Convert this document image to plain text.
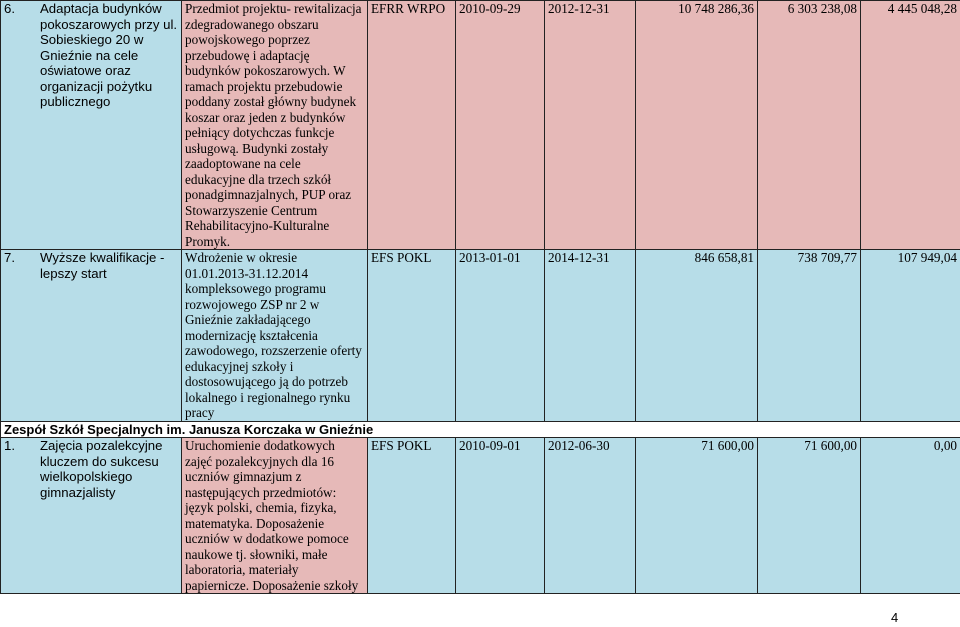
6. Adaptacja budynków pokoszarowych przy ul. Sobieskiego 20 w Gnieźnie na cele oświatowe oraz organizacji pożytku publicznego	Przedmiot projektu- rewitalizacja zdegradowanego obszaru powojskowego poprzez przebudowę i adaptację budynków pokoszarowych. W ramach projektu przebudowie poddany został główny budynek koszar oraz jeden z budynków pełniący dotychczas funkcje usługową. Budynki zostały zaadoptowane na cele edukacyjne dla trzech szkół ponadgimnazjalnych, PUP oraz Stowarzyszenie Centrum Rehabilitacyjno-Kulturalne Promyk.	EFRR WRPO	2010-09-29	2012-12-31	10 748 286,36	6 303 238,08	4 445 048,28
7. Wyższe kwalifikacje - lepszy start	Wdrożenie w okresie 01.01.2013-31.12.2014 kompleksowego programu rozwojowego ZSP nr 2 w Gnieźnie zakładającego modernizację kształcenia zawodowego, rozszerzenie oferty edukacyjnej szkoły i dostosowującego ją do potrzeb lokalnego i regionalnego rynku pracy	EFS POKL	2013-01-01	2014-12-31	846 658,81	738 709,77	107 949,04
Zespół Szkół Specjalnych im. Janusza Korczaka w Gnieźnie							
1. Zajęcia pozalekcyjne kluczem do sukcesu wielkopolskiego gimnazjalisty	Uruchomienie dodatkowych zajęć pozalekcyjnych dla 16 uczniów gimnazjum z następujących przedmiotów: język polski, chemia, fizyka, matematyka. Doposażenie uczniów w dodatkowe pomoce naukowe tj. słowniki, małe laboratoria, materiały papiernicze. Doposażenie szkoły	EFS POKL	2010-09-01	2012-06-30	71 600,00	71 600,00	0,00
4
